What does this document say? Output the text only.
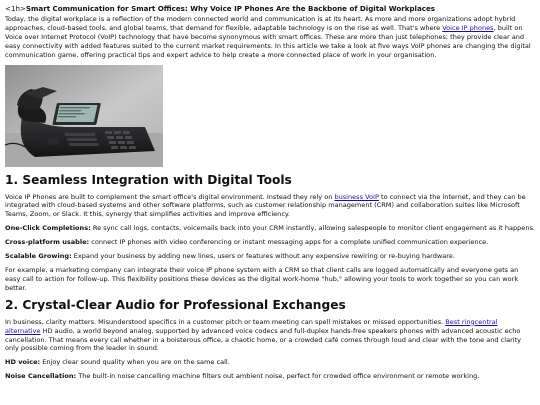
<1h>Smart Communication for Smart Offices: Why Voice IP Phones Are the Backbone of Digital Workplaces

Today, the digital workplace is a reflection of the modern connected world and communication is at its heart. As more and more organizations adopt hybrid approaches, cloud-based tools, and global teams, that demand for flexible, adaptable technology is on the rise as well. That's where Voice IP phones, built on Voice over Internet Protocol (VoIP) technology that have become synonymous with smart offices. These are more than just telephones; they provide clear and easy connectivity with added features suited to the current market requirements. In this article we take a look at five ways VoIP phones are changing the digital communication game, offering practical tips and expert advice to help create a more connected place of work in your organisation.

1. Seamless Integration with Digital Tools

Voice IP Phones are built to complement the smart office's digital environment. Instead they rely on business VoIP to connect via the internet, and they can be integrated with cloud-based systems and other software platforms, such as customer relationship management (CRM) and collaboration suites like Microsoft Teams, Zoom, or Slack. It this, synergy that simplifies activities and improve efficiency.

One-Click Completions: Re sync call logs, contacts, voicemails back into your CRM instantly, allowing salespeople to monitor client engagement as it happens.

Cross-platform usable: connect IP phones with video conferencing or instant messaging apps for a complete unified communication experience.

Scalable Growing: Expand your business by adding new lines, users or features without any expensive rewiring or re-buying hardware.

For example, a marketing company can integrate their voice IP phone system with a CRM so that client calls are logged automatically and everyone gets an easy call to action for follow-up. This flexibility positions these devices as the digital work-home "hub," allowing your tools to work together so you can work better.

2. Crystal-Clear Audio for Professional Exchanges

In business, clarity matters. Misunderstood specifics in a customer pitch or team meeting can spell mistakes or missed opportunities. Best ringcentral alternative HD audio, a world beyond analog, supported by advanced voice codecs and full-duplex hands-free speakers phones with advanced acoustic echo cancellation. That means every call whether in a boisterous office, a chaotic home, or a crowded café comes through loud and clear with the tone and clarity only possible coming from the leader in sound.

HD voice: Enjoy clear sound quality when you are on the same call.

Noise Cancellation: The built-in noise cancelling machine filters out ambient noise, perfect for crowded office environment or remote working.
